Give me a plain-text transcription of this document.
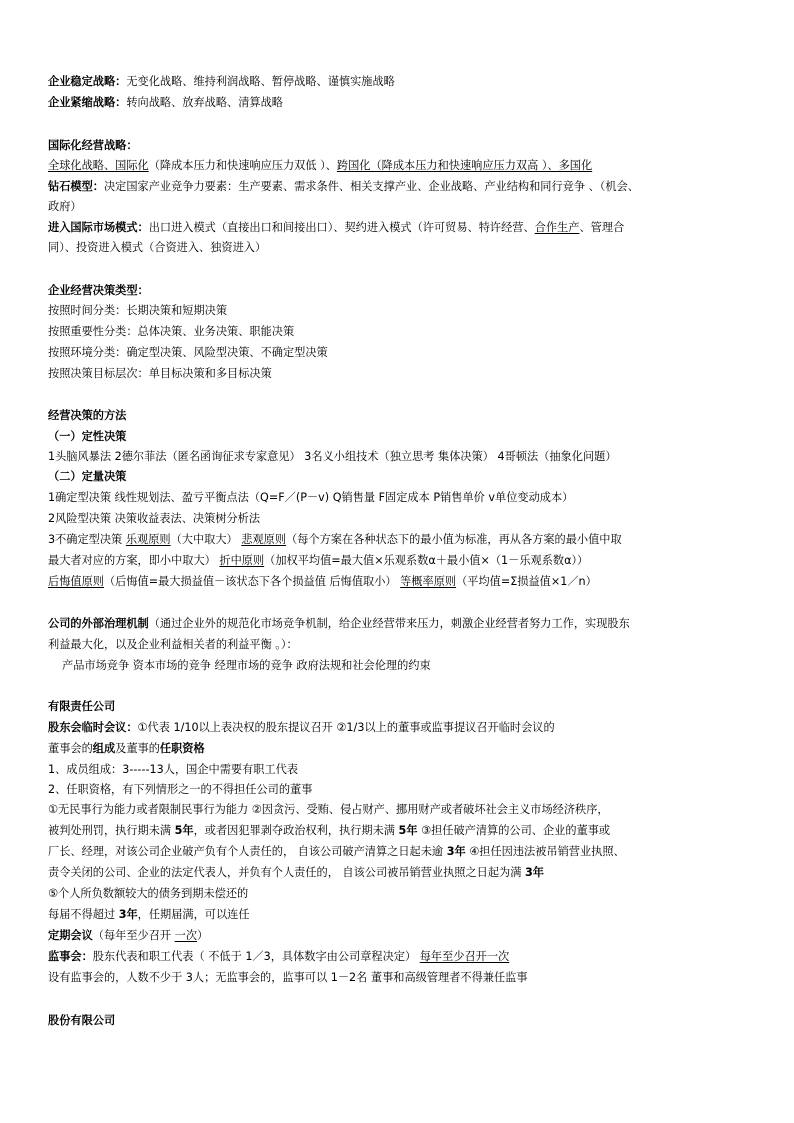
企业稳定战略：无变化战略、维持利润战略、暂停战略、谨慎实施战略
企业紧缩战略：转向战略、放弃战略、清算战略
国际化经营战略：
全球化战略、国际化（降成本压力和快速响应压力双低 ）、跨国化（降成本压力和快速响应压力双高 ）、多国化
钻石模型：决定国家产业竞争力要素：生产要素、需求条件、相关支撑产业、企业战略、产业结构和同行竞争 、（机会、
政府）
进入国际市场模式：出口进入模式（直接出口和间接出口）、契约进入模式（许可贸易、特许经营、合作生产、管理合
同）、投资进入模式（合资进入、独资进入）
企业经营决策类型：
按照时间分类：长期决策和短期决策
按照重要性分类：总体决策、业务决策、职能决策
按照环境分类：确定型决策、风险型决策、不确定型决策
按照决策目标层次：单目标决策和多目标决策
经营决策的方法
（一）定性决策
1头脑风暴法 2德尔菲法（匿名函询征求专家意见） 3名义小组技术（独立思考 集体决策） 4哥顿法（抽象化问题）
（二）定量决策
1确定型决策 线性规划法、盈亏平衡点法（Q=F／(P－v) Q销售量 F固定成本 P销售单价 v单位变动成本）
2风险型决策 决策收益表法、决策树分析法
3不确定型决策 乐观原则（大中取大） 悲观原则（每个方案在各种状态下的最小值为标准，再从各方案的最小值中取
最大者对应的方案，即小中取大） 折中原则（加权平均值=最大值×乐观系数α＋最小值×（1－乐观系数α））
后悔值原则（后悔值=最大损益值－该状态下各个损益值 后悔值取小） 等概率原则（平均值=Σ损益值×1／n）
公司的外部治理机制（通过企业外的规范化市场竞争机制，给企业经营带来压力，刺激企业经营者努力工作，实现股东
利益最大化，以及企业利益相关者的利益平衡 。）：
产品市场竞争 资本市场的竞争 经理市场的竞争 政府法规和社会伦理的约束
有限责任公司
股东会临时会议：①代表 1/10以上表决权的股东提议召开 ②1/3以上的董事或监事提议召开临时会议的
董事会的组成及董事的任职资格
1、成员组成：3-----13人，国企中需要有职工代表
2、任职资格，有下列情形之一的不得担任公司的董事
①无民事行为能力或者限制民事行为能力 ②因贪污、受贿、侵占财产、挪用财产或者破坏社会主义市场经济秩序，
被判处刑罚，执行期未满 5年，或者因犯罪剥夺政治权利，执行期未满 5年 ③担任破产清算的公司、企业的董事或
厂长、经理，对该公司企业破产负有个人责任的， 自该公司破产清算之日起未逾 3年 ④担任因违法被吊销营业执照、
责令关闭的公司、企业的法定代表人，并负有个人责任的， 自该公司被吊销营业执照之日起为满 3年
⑤个人所负数额较大的债务到期未偿还的
每届不得超过 3年，任期届满，可以连任
定期会议（每年至少召开 一次）
监事会：股东代表和职工代表（ 不低于 1／3，具体数字由公司章程决定） 每年至少召开一次
设有监事会的，人数不少于 3人；无监事会的，监事可以 1－2名 董事和高级管理者不得兼任监事
股份有限公司
